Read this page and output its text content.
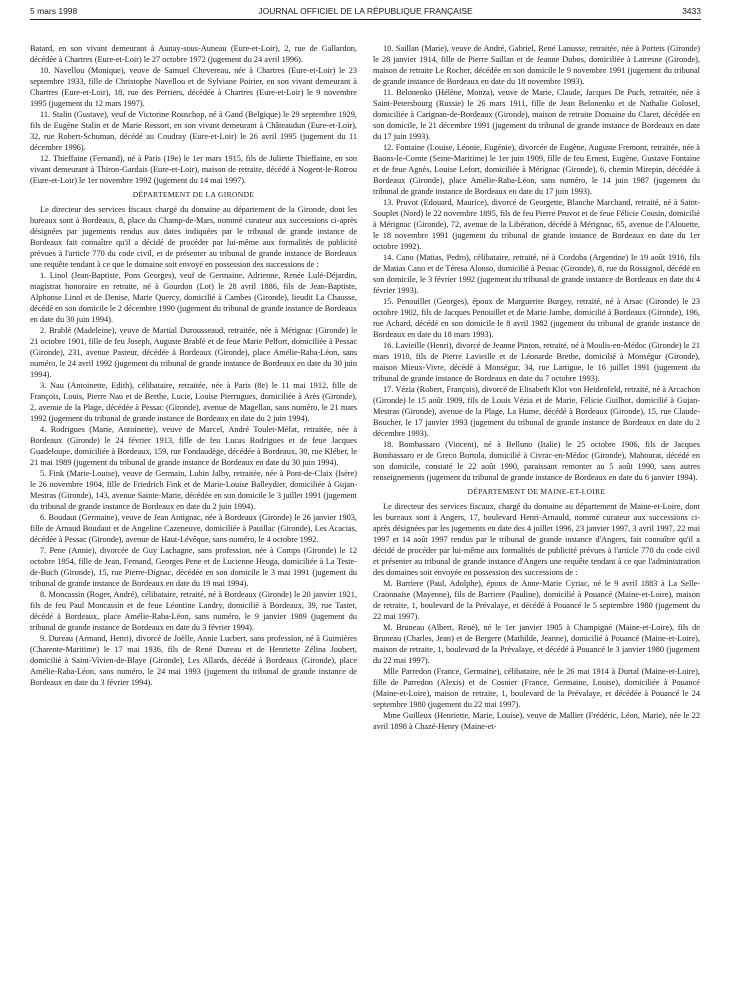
5 mars 1998	JOURNAL OFFICIEL DE LA RÉPUBLIQUE FRANÇAISE	3433

Batard, en son vivant demeurant à Aunay-sous-Auneau (Eure-et-Loir), 2, rue de Gallardon, décédée à Chartres (Eure-et-Loir) le 27 octobre 1972 (jugement du 24 avril 1996).

10. Navellou (Monique), veuve de Samuel Chevereau, née à Chartres (Eure-et-Loir) le 23 septembre 1933, fille de Christophe Navellou et de Sylviane Poirier, en son vivant demeurant à Chartres (Eure-et-Loir), 18, rue des Perriers, décédée à Chartres (Eure-et-Loir) le 9 novembre 1995 (jugement du 12 mars 1997).

11. Stalin (Gustave), veuf de Victorine Rouschop, né à Gand (Belgique) le 29 septembre 1929, fils de Eugène Stalin et de Marie Ressort, en son vivant demeurant à Châteaudun (Eure-et-Loir), 32, rue Robert-Schuman, décédé au Coudray (Eure-et-Loir) le 26 avril 1995 (jugement du 11 décembre 1996).

12. Thieffaine (Fernand), né à Paris (19e) le 1er mars 1915, fils de Juliette Thieffaine, en son vivant demeurant à Thiron-Gardais (Eure-et-Loir), maison de retraite, décédé à Nogent-le-Rotrou (Eure-et-Loir) le 1er novembre 1992 (jugement du 14 mai 1997).

DÉPARTEMENT DE LA GIRONDE

Le directeur des services fiscaux chargé du domaine au département de la Gironde, dont les bureaux sont à Bordeaux, 8, place du Champ-de-Mars, nommé curateur aux successions ci-après désignées par jugements rendus aux dates indiquées par le tribunal de grande instance de Bordeaux fait connaître qu'il a décidé de procéder par lui-même aux formalités de publicité prévues à l'article 770 du code civil, et de présenter au tribunal de grande instance de Bordeaux une requête tendant à ce que le domaine soit envoyé en possession des successions de :

1. Linol (Jean-Baptiste, Pons Georges), veuf de Germaine, Adrienne, Renée Lulé-Déjardin, magistrat honoraire en retraite, né à Gourdon (Lot) le 28 avril 1886, fils de Jean-Baptiste, Alphonse Linol et de Denise, Marie Quercy, domicilié à Cambes (Gironde), lieudit La Chausse, décédé en son domicile le 2 décembre 1990 (jugement du tribunal de grande instance de Bordeaux en date du 30 juin 1994).

2. Brablé (Madeleine), veuve de Martial Durousseaud, retraitée, née à Mérignac (Gironde) le 21 octobre 1901, fille de feu Joseph, Auguste Brablé et de feue Marie Pelfort, domiciliée à Pessac (Gironde), 231, avenue Pasteur, décédée à Bordeaux (Gironde), place Amélie-Raba-Léon, sans numéro, le 24 avril 1992 (jugement du tribunal de grande instance de Bordeaux en date du 30 juin 1994).

3. Nau (Antoinette, Edith), célibataire, retraitée, née à Paris (8e) le 11 mai 1912, fille de François, Louis, Pierre Nau et de Berthe, Lucie, Louise Pierrugues, domiciliée à Arès (Gironde), 2, avenue de la Plage, décédée à Pessac (Gironde), avenue de Magellan, sans numéro, le 21 mars 1992 (jugement du tribunal de grande instance de Bordeaux en date du 2 juin 1994).

4. Rodrigues (Marie, Antoinette), veuve de Marcel, André Toulet-Méfat, retraitée, née à Bordeaux (Gironde) le 24 février 1913, fille de feu Lucas Rodrigues et de feue Jacques Guadeloupe, domiciliée à Bordeaux, 159, rue Fondaudège, décédée à Bordeaux, 30, rue Kléber, le 21 mai 1989 (jugement du tribunal de grande instance de Bordeaux en date du 30 juin 1994).

5. Fink (Marie-Louise), veuve de Germain, Lubin Jalby, retraitée, née à Pont-de-Claix (Isère) le 26 novembre 1904, fille de Friedrich Fink et de Marie-Louise Balleydier, domiciliée à Gujan-Mestras (Gironde), 143, avenue Sainte-Marie, décédée en son domicile le 3 juillet 1991 (jugement du tribunal de grande instance de Bordeaux en date du 2 juin 1994).

6. Boudaut (Germaine), veuve de Jean Antignac, née à Bordeaux (Gironde) le 26 janvier 1903, fille de Arnaud Boudaut et de Angeline Cazeneuve, domiciliée à Pauillac (Gironde), Les Acacias, décédée à Pessac (Gironde), avenue de Haut-Lévêque, sans numéro, le 4 octobre 1992.

7. Pene (Annie), divorcée de Guy Lachagne, sans profession, née à Comps (Gironde) le 12 octobre 1954, fille de Jean, Fernand, Georges Pene et de Lucienne Heuga, domiciliée à La Teste-de-Buch (Gironde), 15, rue Pierre-Dignac, décédée en son domicile le 3 mai 1991 (jugement du tribunal de grande instance de Bordeaux en date du 19 mai 1994).

8. Moncassin (Roger, André), célibataire, retraité, né à Bordeaux (Gironde) le 20 janvier 1921, fils de feu Paul Moncassin et de feue Léontine Landry, domicilié à Bordeaux, 39, rue Tastet, décédé à Bordeaux, place Amélie-Raba-Léon, sans numéro, le 9 janvier 1989 (jugement du tribunal de grande instance de Bordeaux en date du 3 février 1994).

9. Dureau (Armand, Henri), divorcé de Joëlle, Annie Lucbert, sans profession, né à Guimières (Charente-Maritime) le 17 mai 1936, fils de René Dureau et de Henriette Zélina Joubert, domicilié à Saint-Vivien-de-Blaye (Gironde), Les Allards, décédé à Bordeaux (Gironde), place Amélie-Raba-Léon, sans numéro, le 24 mai 1993 (jugement du tribunal de grande instance de Bordeaux en date du 3 février 1994).

10. Saillan (Marie), veuve de André, Gabriel, René Lanusse, retraitée, née à Portets (Gironde) le 28 janvier 1914, fille de Pierre Saillan et de Jeanne Dubos, domiciliée à Latresne (Gironde), maison de retraite Le Rocher, décédée en son domicile le 9 novembre 1991 (jugement du tribunal de grande instance de Bordeaux en date du 18 novembre 1993).

11. Belonenko (Hélène, Monza), veuve de Marie, Claude, Jacques De Puch, retraitée, née à Saint-Petersbourg (Russie) le 26 mars 1911, fille de Jean Belonenko et de Nathalie Golosef, domiciliée à Carignan-de-Bordeaux (Gironde), maison de retraite Domaine du Claret, décédée en son domicile, le 21 décembre 1991 (jugement du tribunal de grande instance de Bordeaux en date du 17 juin 1993).

12. Fontaine (Louise, Léonie, Eugénie), divorcée de Eugène, Auguste Fremont, retraitée, née à Baons-le-Comte (Seine-Maritime) le 1er juin 1909, fille de feu Ernest, Eugène, Gustave Fontaine et de feue Agnès, Louise Lefort, domiciliée à Mérignac (Gironde), 6, chemin Mirepin, décédée à Bordeaux (Gironde), place Amélie-Raba-Léon, sans numéro, le 14 juin 1987 (jugement du tribunal de grande instance de Bordeaux en date du 17 juin 1993).

13. Pruvot (Edouard, Maurice), divorcé de Georgette, Blanche Marchand, retraité, né à Saint-Souplet (Nord) le 22 novembre 1895, fils de feu Pierre Pruvot et de feue Félicie Cousin, domicilié à Mérignac (Gironde), 72, avenue de la Libération, décédé à Mérignac, 65, avenue de l'Alouette, le 18 novembre 1991 (jugement du tribunal de grande instance de Bordeaux en date du 1er octobre 1992).

14. Cano (Matias, Pedro), célibataire, retraité, né à Cordoba (Argentine) le 19 août 1916, fils de Matias Cano et de Téresa Alonso, domicilié à Pessac (Gironde), 8, rue du Rossignol, décédé en son domicile, le 3 février 1992 (jugement du tribunal de grande instance de Bordeaux en date du 4 février 1993).

15. Penouillet (Georges), époux de Marguerite Burgey, retraité, né à Arsac (Gironde) le 23 octobre 1902, fils de Jacques Penouillet et de Marie Jambe, domicilié à Bordeaux (Gironde), 196, rue Achard, décédé en son domicile le 8 avril 1982 (jugement du tribunal de grande instance de Bordeaux en date du 18 mars 1993).

16. Lavieille (Henri), divorcé de Jeanne Pinton, retraité, né à Moulis-en-Médoc (Gironde) le 21 mars 1910, fils de Pierre Lavieille et de Léonarde Brethe, domicilié à Monségur (Gironde), maison Mieux-Vivre, décédé à Monségur, 34, rue Lartigue, le 16 juillet 1991 (jugement du tribunal de grande instance de Bordeaux en date du 7 octobre 1993).

17. Vézia (Robert, François), divorcé de Elisabeth Klot von Heidenfeld, retraité, né à Arcachon (Gironde) le 15 août 1909, fils de Louis Vézia et de Marie, Félicie Guilhot, domicilié à Gujan-Mestras (Gironde), avenue de la Plage, La Hume, décédé à Bordeaux (Gironde), 15, rue Claude-Boucher, le 17 janvier 1993 (jugement du tribunal de grande instance de Bordeaux en date du 2 décembre 1993).

18. Bombassaro (Vincent), né à Belluno (Italie) le 25 octobre 1906, fils de Jacques Bombassaro et de Greco Bortola, domicilié à Civrac-en-Médoc (Gironde), Mahourat, décédé en son domicile, constaté le 22 août 1990, paraissant remonter au 5 août 1990, sans autres renseignements (jugement du tribunal de grande instance de Bordeaux en date du 6 janvier 1994).

DÉPARTEMENT DE MAINE-ET-LOIRE

Le directeur des services fiscaux, chargé du domaine au département de Maine-et-Loire, dont les bureaux sont à Angers, 17, boulevard Henri-Arnauld, nommé curateur aux successions ci-après désignées par les jugements en date des 4 juillet 1996, 23 janvier 1997, 3 avril 1997, 22 mai 1997 et 14 août 1997 rendus par le tribunal de grande instance d'Angers, fait connaître qu'il a décidé de procéder par lui-même aux formalités de publicité prévues à l'article 770 du code civil et présenter au tribunal de grande instance d'Angers une requête tendant à ce que l'administration des domaines soit envoyée en possession des successions de :

M. Barriere (Paul, Adolphe), époux de Anne-Marie Cyriac, né le 9 avril 1883 à La Selle-Craonnaise (Mayenne), fils de Barriere (Pauline), domicilié à Pouancé (Maine-et-Loire), maison de retraite, 1, boulevard de la Prévalaye, et décédé à Pouancé le 5 septembre 1980 (jugement du 22 mai 1997).

M. Bruneau (Albert, René), né le 1er janvier 1905 à Champigné (Maine-et-Loire), fils de Bruneau (Charles, Jean) et de Bergere (Mathilde, Jeanne), domicilié à Pouancé (Maine-et-Loire), maison de retraite, 1, boulevard de la Prévalaye, et décédé à Pouancé le 3 janvier 1980 (jugement du 22 mai 1997).

Mlle Parredon (France, Germaine), célibataire, née le 26 mai 1914 à Durtal (Maine-et-Loire), fille de Parredon (Alexis) et de Cosnier (France, Germaine, Louise), domiciliée à Pouancé (Maine-et-Loire), maison de retraite, 1, boulevard de la Prévalaye, et décédée à Pouancé le 24 septembre 1980 (jugement du 22 mai 1997).

Mme Guilleux (Henriette, Marie, Louise), veuve de Mallier (Frédéric, Léon, Marie), née le 22 avril 1898 à Chazé-Henry (Maine-et-
